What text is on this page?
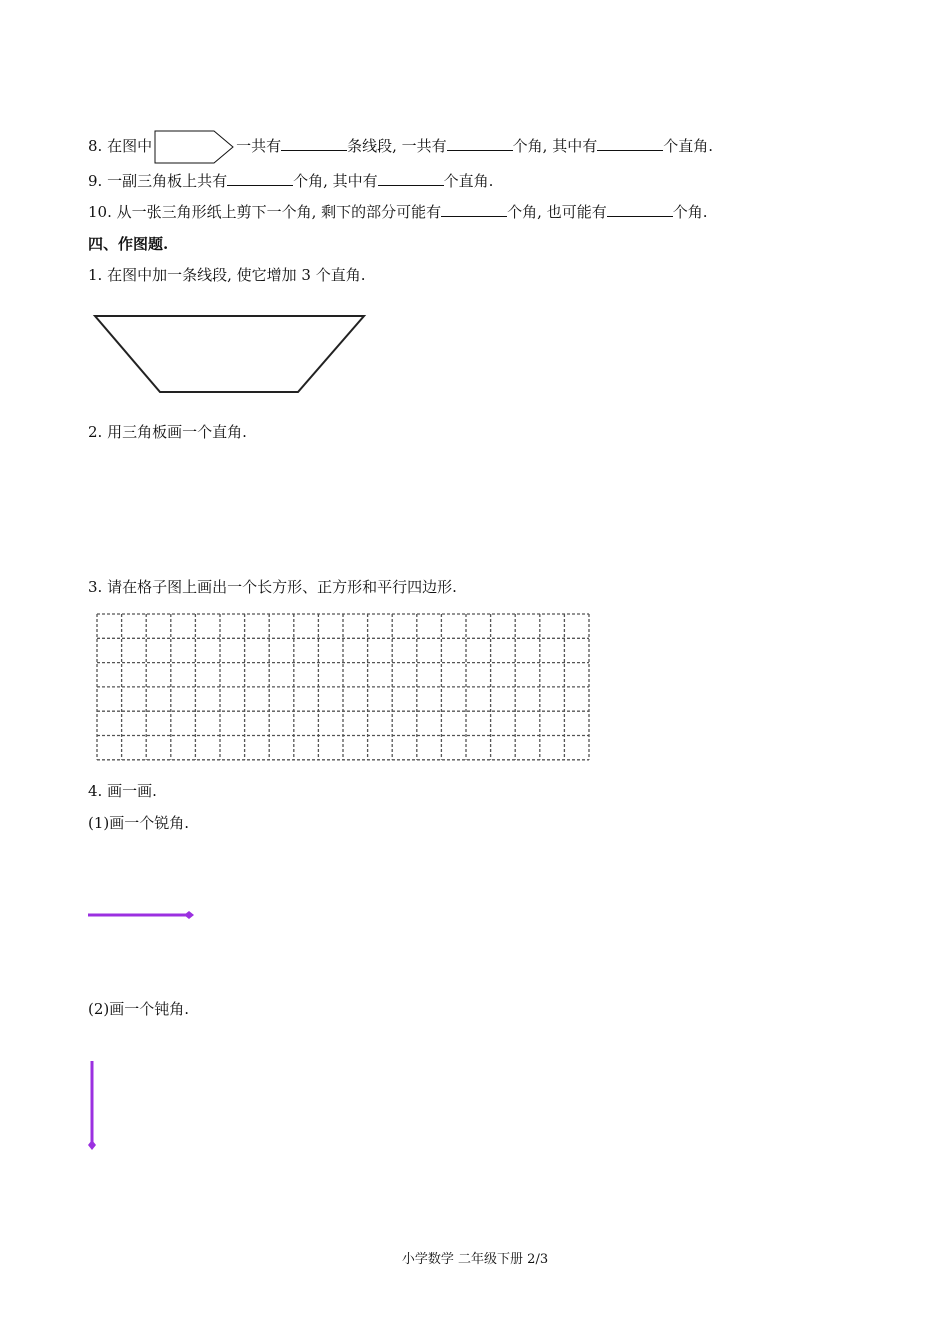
8. 在图中	一共有	条线段, 一共有	个角, 其中有	个直角.
9. 一副三角板上共有	个角, 其中有	个直角.
10. 从一张三角形纸上剪下一个角, 剩下的部分可能有	个角, 也可能有	个角.
四、作图题.
1. 在图中加一条线段, 使它增加 3 个直角.
2. 用三角板画一个直角.
3. 请在格子图上画出一个长方形、正方形和平行四边形.
4. 画一画.
(1)画一个锐角.
(2)画一个钝角.
小学数学 二年级下册 2/3
